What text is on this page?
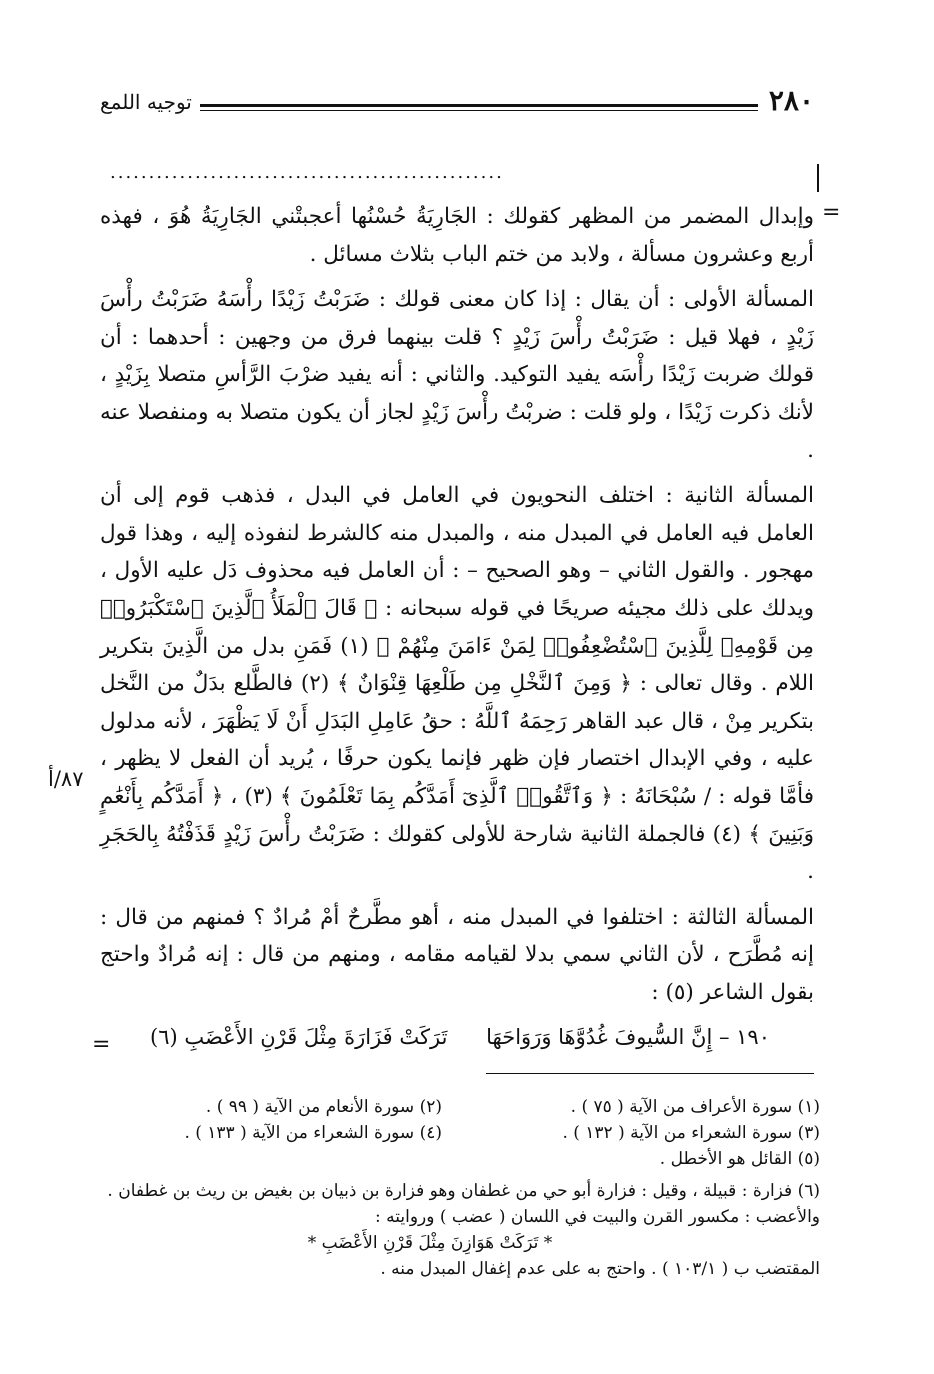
٢٨٠
توجيه اللمع
...................................................
=

وإبدال المضمر من المظهر كقولك : الجَارِيَةُ حُسْنُها أعجبتْني الجَارِيَةُ هُوَ ، فهذه أربع وعشرون مسألة ، ولابد من ختم الباب بثلاث مسائل .

المسألة الأولى : أن يقال : إذا كان معنى قولك : ضَرَبْتُ زَيْدًا رأْسَهُ ضَرَبْتُ رأْسَ زَيْدٍ ، فهلا قيل : ضَرَبْتُ رأْسَ زَيْدٍ ؟ قلت بينهما فرق من وجهين : أحدهما : أن قولك ضربت زَيْدًا رأْسَه يفيد التوكيد. والثاني : أنه يفيد ضرْبَ الرَّأسِ متصلا بِزَيْدٍ ، لأنك ذكرت زَيْدًا ، ولو قلت : ضربْتُ رأْسَ زَيْدٍ لجاز أن يكون متصلا به ومنفصلا عنه .

المسألة الثانية : اختلف النحويون في العامل في البدل ، فذهب قوم إلى أن العامل فيه العامل في المبدل منه ، والمبدل منه كالشرط لنفوذه إليه ، وهذا قول مهجور . والقول الثاني – وهو الصحيح – : أن العامل فيه محذوف دَل عليه الأول ، ويدلك على ذلك مجيئه صريحًا في قوله سبحانه : ﴿ قَالَ ٱلْمَلَأُ ٱلَّذِينَ ٱسْتَكْبَرُوا۟ مِن قَوْمِهِۦ لِلَّذِينَ ٱسْتُضْعِفُوا۟ لِمَنْ ءَامَنَ مِنْهُمْ ﴾ (١) فَمَنِ بدل من الَّذِينَ بتكرير اللام . وقال تعالى : ﴿ وَمِنَ ٱلنَّخْلِ مِن طَلْعِهَا قِنْوَانٌ ﴾ (٢) فالطَّلع بدَلٌ من النَّخل بتكرير مِنْ ، قال عبد القاهر رَحِمَهُ ٱللَّهُ : حقُ عَامِلِ البَدَلِ أَنْ لَا يَظْهَرَ ، لأنه مدلول عليه ، وفي الإبدال اختصار فإن ظهر فإنما يكون حرفًا ، يُريد أن الفعل لا يظهر ، فأمَّا قوله : / سُبْحَانَهُ : ﴿ وَٱتَّقُوا۟ ٱلَّذِىٓ أَمَدَّكُم بِمَا تَعْلَمُونَ ﴾ (٣) ، ﴿ أَمَدَّكُم بِأَنْعَٰمٍ وَبَنِينَ ﴾ (٤) فالجملة الثانية شارحة للأولى كقولك : ضَرَبْتُ رأْسَ زَيْدٍ قَذَفْتُهُ بِالحَجَرِ .

المسألة الثالثة : اختلفوا في المبدل منه ، أهو مطَّرحٌ أمْ مُرادٌ ؟ فمنهم من قال : إنه مُطَّرَح ، لأن الثاني سمي بدلا لقيامه مقامه ، ومنهم من قال : إنه مُرادٌ واحتج بقول الشاعر (٥) :

٨٧/أ
١٩٠ – إِنَّ السُّيوفَ غُدُوَّهَا وَرَوَاحَهَا
تَرَكَتْ فَزَارَةَ مِثْلَ قَرْنِ الأَعْضَبِ (٦)
=
(١) سورة الأعراف من الآية ( ٧٥ ) .
(٢) سورة الأنعام من الآية ( ٩٩ ) .
(٣) سورة الشعراء من الآية ( ١٣٢ ) .
(٤) سورة الشعراء من الآية ( ١٣٣ ) .

(٥) القائل هو الأخطل .

(٦) فزارة : قبيلة ، وقيل : فزارة أبو حي من غطفان وهو فزارة بن ذبيان بن بغيض بن ريث بن غطفان .

والأعضب : مكسور القرن والبيت في اللسان ( عضب ) وروايته :

* تَرَكَتْ هَوَازِنَ مِثْلَ قَرْنِ الأَعْضَبِ *

المقتضب ب ( ١٠٣/١ ) . واحتج به على عدم إغفال المبدل منه .
